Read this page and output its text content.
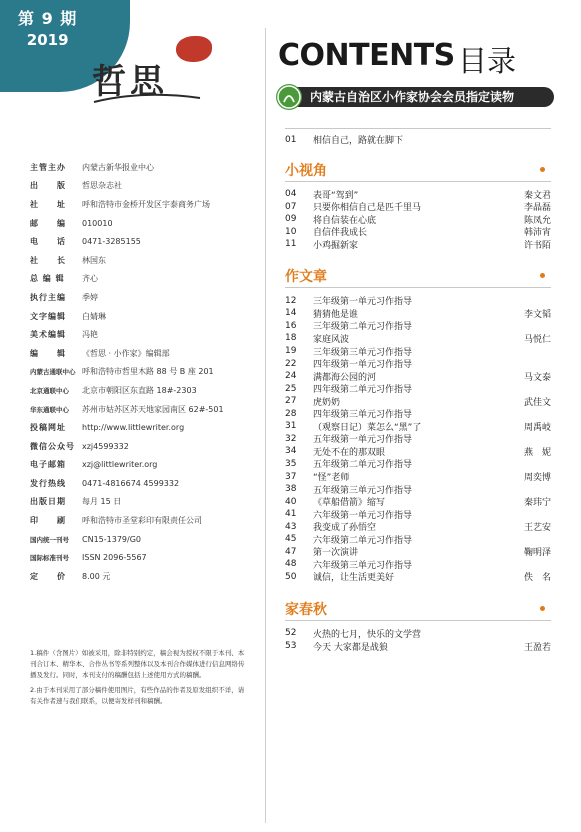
第 9 期
2019
哲思
主管主办	内蒙古新华报业中心
出　　版	哲思杂志社
社　　址	呼和浩特市金桥开发区宇泰商务广场
邮　　编	010010
电　　话	0471-3285155
社　　长	林国东
总 编 辑	齐心
执行主编	季婷
文字编辑	白婧琳
美术编辑	冯艳
编　　辑	《哲思 · 小作家》编辑部
内蒙古通联中心 呼和浩特市哲里木路 88 号 B 座 201
北京通联中心	北京市朝阳区东直路 18#-2303
华东通联中心	苏州市姑苏区苏天地家园南区 62#-501
投稿网址	http://www.littlewriter.org
微信公众号 xzj4599332
电子邮箱	xzj@littlewriter.org
发行热线	0471-4816674 4599332
出版日期	每月 15 日
印　　刷	呼和浩特市圣堂彩印有限责任公司
国内统一刊号	CN15-1379/G0
国际标准刊号	ISSN 2096-5567
定　　价	8.00 元

1.稿件（含图片）如被采用，除非特别约定，稿会视为授权不限于本刊、本刊合订本、精华本、合作丛书等系列整体以及本刊合作媒体进行信息网络传播及发行。同时，本刊支付的稿酬包括上述使用方式的稿酬。

2.由于本刊采用了部分稿件使用图片，有些作品的作者及原发组织不详，请有关作者速与我们联系，以便寄发样刊和稿酬。

CONTENTS 目录
内蒙古自治区小作家协会会员指定读物
01	相信自己，路就在脚下
小视角
04	表哥“驾到”	秦文君
07	只要你相信自己是匹千里马	李晶磊
09	将自信装在心底	陈凤允
10	自信伴我成长	韩沛宵
11	小鸡掘新家	许书陌
作文章
12	三年级第一单元习作指导
14	猜猜他是谁	李文韬
16	三年级第二单元习作指导
18	家庭风波	马悦仁
19	三年级第三单元习作指导
22	四年级第一单元习作指导
24	满都海公园的河	马文泰
25	四年级第二单元习作指导
27	虎奶奶	武佳文
28	四年级第三单元习作指导
31	（观察日记）菜怎么“黑”了	周禹岐
32	五年级第一单元习作指导
34	无处不在的那双眼	燕　妮
35	五年级第二单元习作指导
37	“怪”老师	周奕博
38	五年级第三单元习作指导
40	《草船借箭》缩写	秦玮宁
41	六年级第一单元习作指导
43	我变成了孙悟空	王艺安
45	六年级第二单元习作指导
47	第一次演讲	鞠明泽
48	六年级第三单元习作指导
50	诚信，让生活更美好	佚　名
家春秋
52	火热的七月，快乐的文学营
53	今天 大家都是战狼	王盈若
